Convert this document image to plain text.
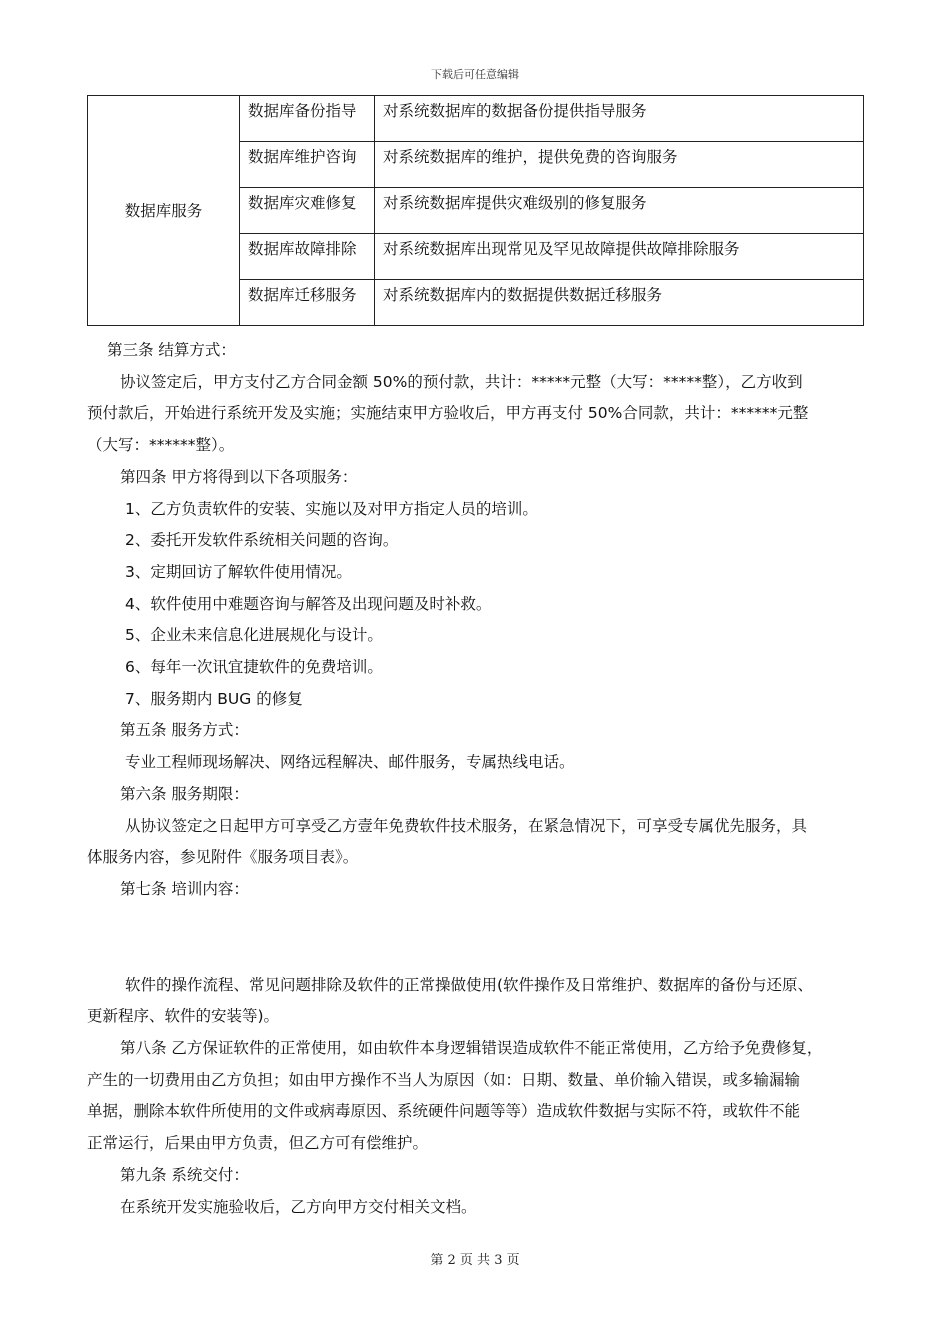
下载后可任意编辑
数据库服务	数据库备份指导	对系统数据库的数据备份提供指导服务
	数据库维护咨询	对系统数据库的维护，提供免费的咨询服务
	数据库灾难修复	对系统数据库提供灾难级别的修复服务
	数据库故障排除	对系统数据库出现常见及罕见故障提供故障排除服务
	数据库迁移服务	对系统数据库内的数据提供数据迁移服务

第三条 结算方式：

协议签定后，甲方支付乙方合同金额 50%的预付款，共计：*****元整（大写：*****整），乙方收到

预付款后，开始进行系统开发及实施；实施结束甲方验收后，甲方再支付 50%合同款，共计：******元整

（大写：******整）。

第四条 甲方将得到以下各项服务：

1、乙方负责软件的安装、实施以及对甲方指定人员的培训。

2、委托开发软件系统相关问题的咨询。

3、定期回访了解软件使用情况。

4、软件使用中难题咨询与解答及出现问题及时补救。

5、企业未来信息化进展规化与设计。

6、每年一次讯宜捷软件的免费培训。

7、服务期内 BUG 的修复

第五条 服务方式：

专业工程师现场解决、网络远程解决、邮件服务，专属热线电话。

第六条 服务期限：

从协议签定之日起甲方可享受乙方壹年免费软件技术服务，在紧急情况下，可享受专属优先服务，具

体服务内容，参见附件《服务项目表》。

第七条 培训内容：

软件的操作流程、常见问题排除及软件的正常操做使用(软件操作及日常维护、数据库的备份与还原、

更新程序、软件的安装等)。

第八条 乙方保证软件的正常使用，如由软件本身逻辑错误造成软件不能正常使用，乙方给予免费修复，

产生的一切费用由乙方负担；如由甲方操作不当人为原因（如：日期、数量、单价输入错误，或多输漏输

单据，删除本软件所使用的文件或病毒原因、系统硬件问题等等）造成软件数据与实际不符，或软件不能

正常运行，后果由甲方负责，但乙方可有偿维护。

第九条 系统交付：

在系统开发实施验收后，乙方向甲方交付相关文档。

第 2 页 共 3 页
